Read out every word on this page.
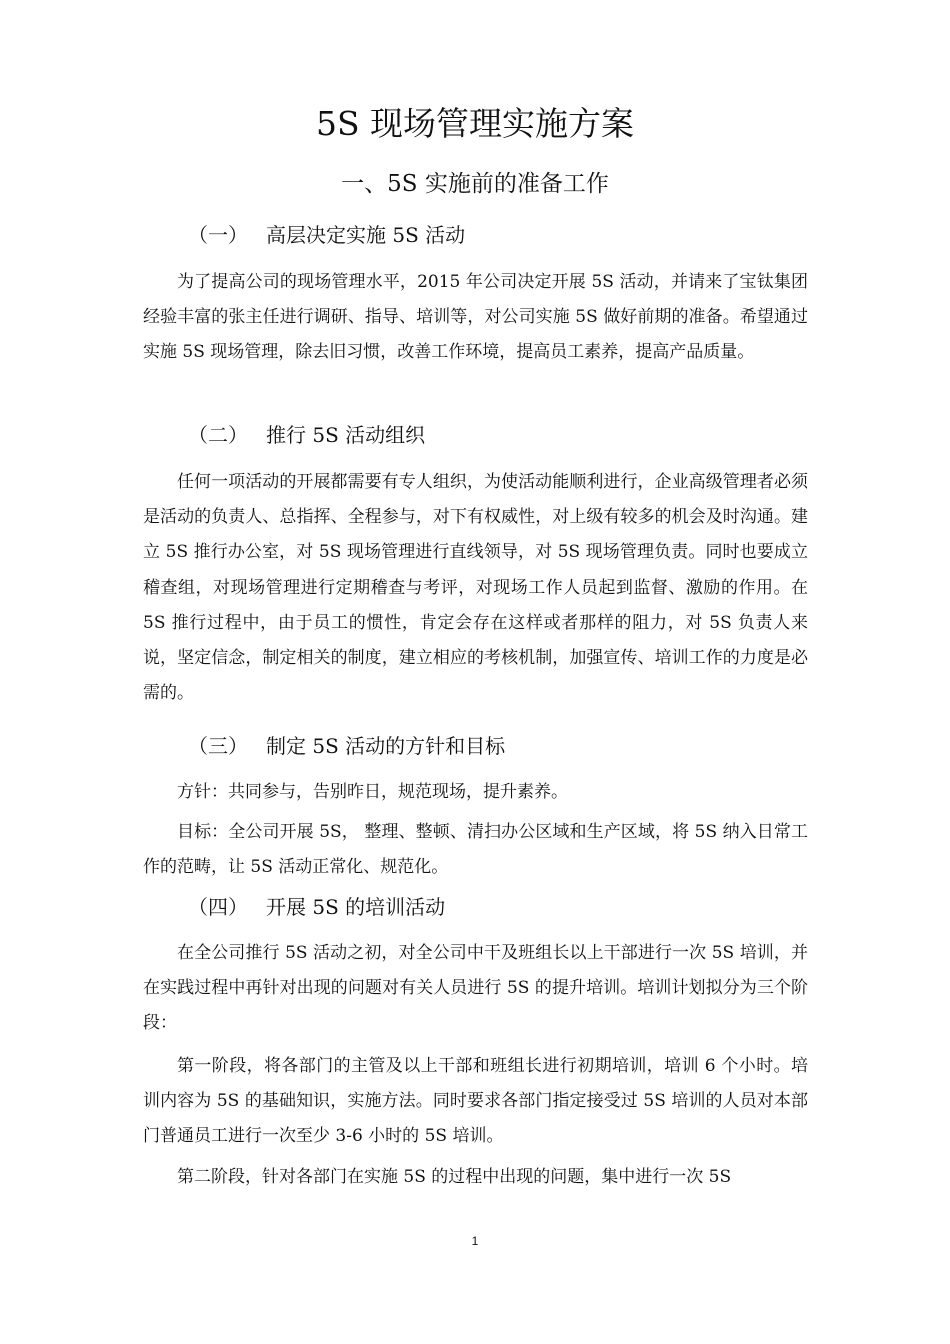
5S 现场管理实施方案
一、5S 实施前的准备工作
（一） 高层决定实施 5S 活动

为了提高公司的现场管理水平，2015 年公司决定开展 5S 活动，并请来了宝钛集团经验丰富的张主任进行调研、指导、培训等，对公司实施 5S 做好前期的准备。希望通过实施 5S 现场管理，除去旧习惯，改善工作环境，提高员工素养，提高产品质量。

（二） 推行 5S 活动组织

任何一项活动的开展都需要有专人组织，为使活动能顺利进行，企业高级管理者必须是活动的负责人、总指挥、全程参与，对下有权威性，对上级有较多的机会及时沟通。建立 5S 推行办公室，对 5S 现场管理进行直线领导，对 5S 现场管理负责。同时也要成立稽查组，对现场管理进行定期稽查与考评，对现场工作人员起到监督、激励的作用。在 5S 推行过程中，由于员工的惯性，肯定会存在这样或者那样的阻力，对 5S 负责人来说，坚定信念，制定相关的制度，建立相应的考核机制，加强宣传、培训工作的力度是必需的。

（三） 制定 5S 活动的方针和目标

方针：共同参与，告别昨日，规范现场，提升素养。

目标：全公司开展 5S， 整理、整顿、清扫办公区域和生产区域，将 5S 纳入日常工作的范畴，让 5S 活动正常化、规范化。

（四） 开展 5S 的培训活动

在全公司推行 5S 活动之初，对全公司中干及班组长以上干部进行一次 5S 培训，并在实践过程中再针对出现的问题对有关人员进行 5S 的提升培训。培训计划拟分为三个阶段：

第一阶段，将各部门的主管及以上干部和班组长进行初期培训，培训 6 个小时。培训内容为 5S 的基础知识，实施方法。同时要求各部门指定接受过 5S 培训的人员对本部门普通员工进行一次至少 3-6 小时的 5S 培训。

第二阶段，针对各部门在实施 5S 的过程中出现的问题，集中进行一次 5S

1
